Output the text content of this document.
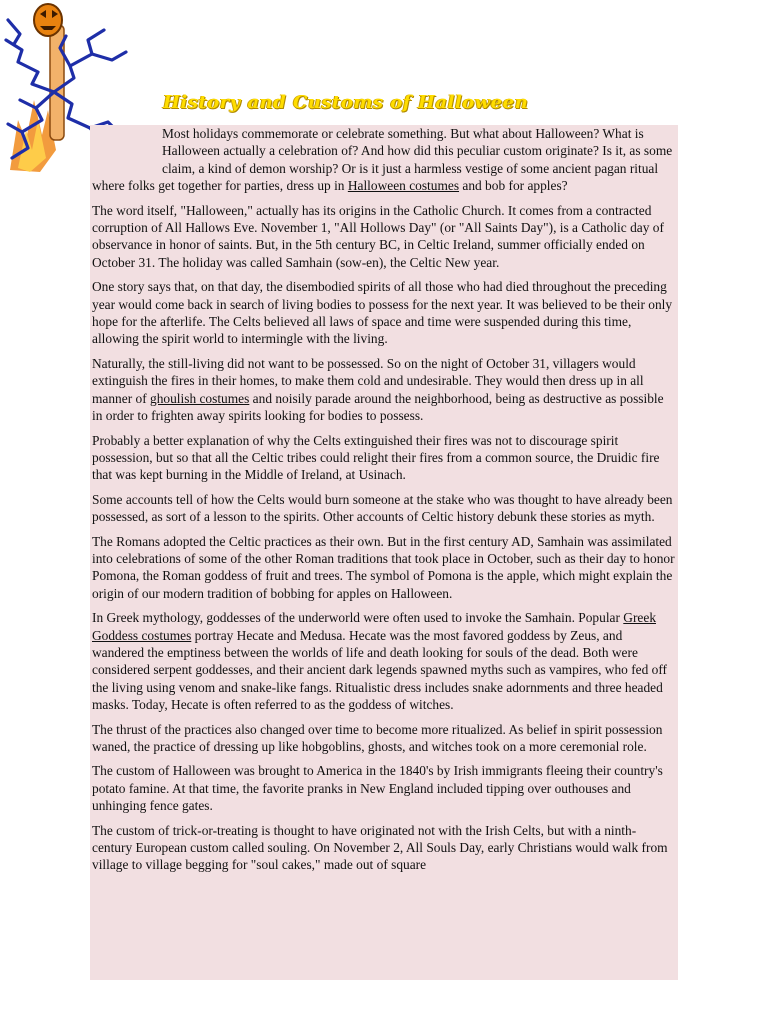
History and Customs of Halloween

Most holidays commemorate or celebrate something. But what about Halloween? What is Halloween actually a celebration of? And how did this peculiar custom originate? Is it, as some claim, a kind of demon worship? Or is it just a harmless vestige of some ancient pagan ritual where folks get together for parties, dress up in Halloween costumes and bob for apples?

The word itself, "Halloween," actually has its origins in the Catholic Church. It comes from a contracted corruption of All Hallows Eve. November 1, "All Hollows Day" (or "All Saints Day"), is a Catholic day of observance in honor of saints. But, in the 5th century BC, in Celtic Ireland, summer officially ended on October 31. The holiday was called Samhain (sow-en), the Celtic New year.

One story says that, on that day, the disembodied spirits of all those who had died throughout the preceding year would come back in search of living bodies to possess for the next year. It was believed to be their only hope for the afterlife. The Celts believed all laws of space and time were suspended during this time, allowing the spirit world to intermingle with the living.

Naturally, the still-living did not want to be possessed. So on the night of October 31, villagers would extinguish the fires in their homes, to make them cold and undesirable. They would then dress up in all manner of ghoulish costumes and noisily parade around the neighborhood, being as destructive as possible in order to frighten away spirits looking for bodies to possess.

Probably a better explanation of why the Celts extinguished their fires was not to discourage spirit possession, but so that all the Celtic tribes could relight their fires from a common source, the Druidic fire that was kept burning in the Middle of Ireland, at Usinach.

Some accounts tell of how the Celts would burn someone at the stake who was thought to have already been possessed, as sort of a lesson to the spirits. Other accounts of Celtic history debunk these stories as myth.

The Romans adopted the Celtic practices as their own. But in the first century AD, Samhain was assimilated into celebrations of some of the other Roman traditions that took place in October, such as their day to honor Pomona, the Roman goddess of fruit and trees. The symbol of Pomona is the apple, which might explain the origin of our modern tradition of bobbing for apples on Halloween.

In Greek mythology, goddesses of the underworld were often used to invoke the Samhain. Popular Greek Goddess costumes portray Hecate and Medusa. Hecate was the most favored goddess by Zeus, and wandered the emptiness between the worlds of life and death looking for souls of the dead. Both were considered serpent goddesses, and their ancient dark legends spawned myths such as vampires, who fed off the living using venom and snake-like fangs. Ritualistic dress includes snake adornments and three headed masks. Today, Hecate is often referred to as the goddess of witches.

The thrust of the practices also changed over time to become more ritualized. As belief in spirit possession waned, the practice of dressing up like hobgoblins, ghosts, and witches took on a more ceremonial role.

The custom of Halloween was brought to America in the 1840's by Irish immigrants fleeing their country's potato famine. At that time, the favorite pranks in New England included tipping over outhouses and unhinging fence gates.

The custom of trick-or-treating is thought to have originated not with the Irish Celts, but with a ninth-century European custom called souling. On November 2, All Souls Day, early Christians would walk from village to village begging for "soul cakes," made out of square
